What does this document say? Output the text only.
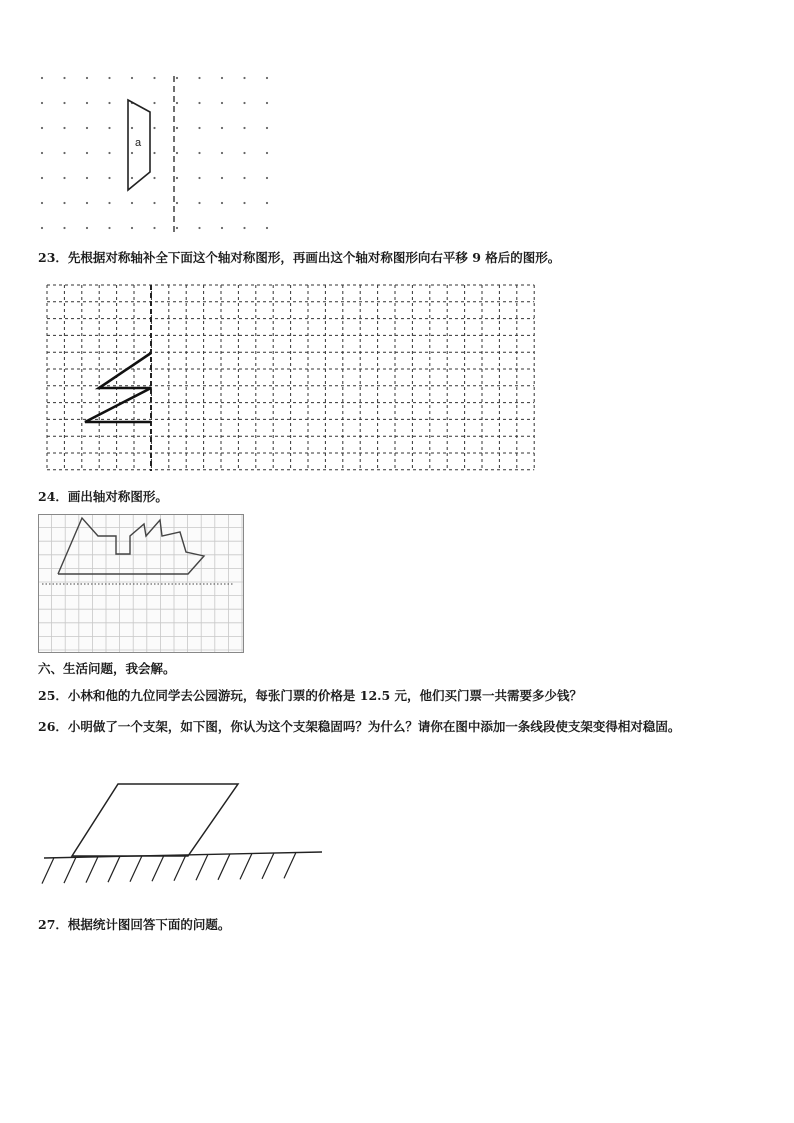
a
23．先根据对称轴补全下面这个轴对称图形，再画出这个轴对称图形向右平移 9 格后的图形。
24．画出轴对称图形。
六、生活问题，我会解。
25．小林和他的九位同学去公园游玩，每张门票的价格是 12.5 元，他们买门票一共需要多少钱？
26．小明做了一个支架，如下图，你认为这个支架稳固吗？为什么？请你在图中添加一条线段使支架变得相对稳固。
27．根据统计图回答下面的问题。
